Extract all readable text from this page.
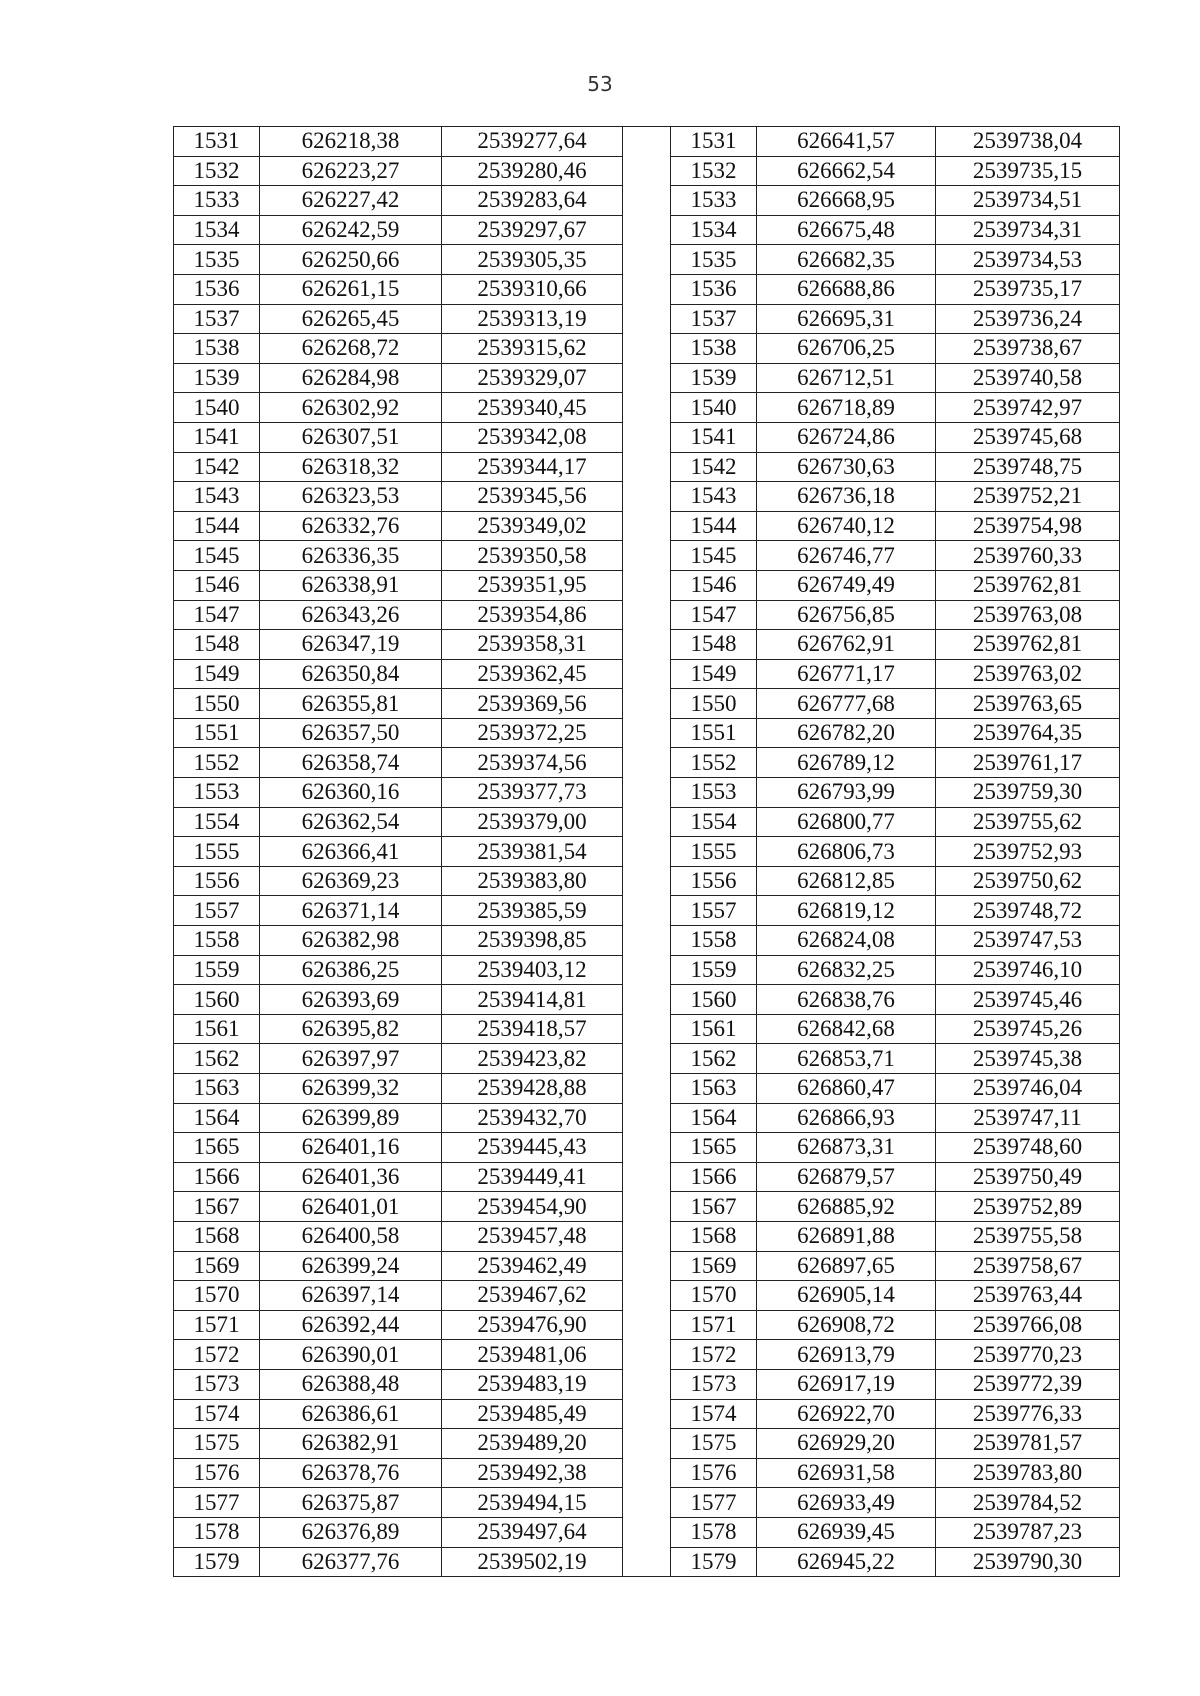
53
1531	626218,38	2539277,64		1531	626641,57	2539738,04
1532	626223,27	2539280,46		1532	626662,54	2539735,15
1533	626227,42	2539283,64		1533	626668,95	2539734,51
1534	626242,59	2539297,67		1534	626675,48	2539734,31
1535	626250,66	2539305,35		1535	626682,35	2539734,53
1536	626261,15	2539310,66		1536	626688,86	2539735,17
1537	626265,45	2539313,19		1537	626695,31	2539736,24
1538	626268,72	2539315,62		1538	626706,25	2539738,67
1539	626284,98	2539329,07		1539	626712,51	2539740,58
1540	626302,92	2539340,45		1540	626718,89	2539742,97
1541	626307,51	2539342,08		1541	626724,86	2539745,68
1542	626318,32	2539344,17		1542	626730,63	2539748,75
1543	626323,53	2539345,56		1543	626736,18	2539752,21
1544	626332,76	2539349,02		1544	626740,12	2539754,98
1545	626336,35	2539350,58		1545	626746,77	2539760,33
1546	626338,91	2539351,95		1546	626749,49	2539762,81
1547	626343,26	2539354,86		1547	626756,85	2539763,08
1548	626347,19	2539358,31		1548	626762,91	2539762,81
1549	626350,84	2539362,45		1549	626771,17	2539763,02
1550	626355,81	2539369,56		1550	626777,68	2539763,65
1551	626357,50	2539372,25		1551	626782,20	2539764,35
1552	626358,74	2539374,56		1552	626789,12	2539761,17
1553	626360,16	2539377,73		1553	626793,99	2539759,30
1554	626362,54	2539379,00		1554	626800,77	2539755,62
1555	626366,41	2539381,54		1555	626806,73	2539752,93
1556	626369,23	2539383,80		1556	626812,85	2539750,62
1557	626371,14	2539385,59		1557	626819,12	2539748,72
1558	626382,98	2539398,85		1558	626824,08	2539747,53
1559	626386,25	2539403,12		1559	626832,25	2539746,10
1560	626393,69	2539414,81		1560	626838,76	2539745,46
1561	626395,82	2539418,57		1561	626842,68	2539745,26
1562	626397,97	2539423,82		1562	626853,71	2539745,38
1563	626399,32	2539428,88		1563	626860,47	2539746,04
1564	626399,89	2539432,70		1564	626866,93	2539747,11
1565	626401,16	2539445,43		1565	626873,31	2539748,60
1566	626401,36	2539449,41		1566	626879,57	2539750,49
1567	626401,01	2539454,90		1567	626885,92	2539752,89
1568	626400,58	2539457,48		1568	626891,88	2539755,58
1569	626399,24	2539462,49		1569	626897,65	2539758,67
1570	626397,14	2539467,62		1570	626905,14	2539763,44
1571	626392,44	2539476,90		1571	626908,72	2539766,08
1572	626390,01	2539481,06		1572	626913,79	2539770,23
1573	626388,48	2539483,19		1573	626917,19	2539772,39
1574	626386,61	2539485,49		1574	626922,70	2539776,33
1575	626382,91	2539489,20		1575	626929,20	2539781,57
1576	626378,76	2539492,38		1576	626931,58	2539783,80
1577	626375,87	2539494,15		1577	626933,49	2539784,52
1578	626376,89	2539497,64		1578	626939,45	2539787,23
1579	626377,76	2539502,19		1579	626945,22	2539790,30
